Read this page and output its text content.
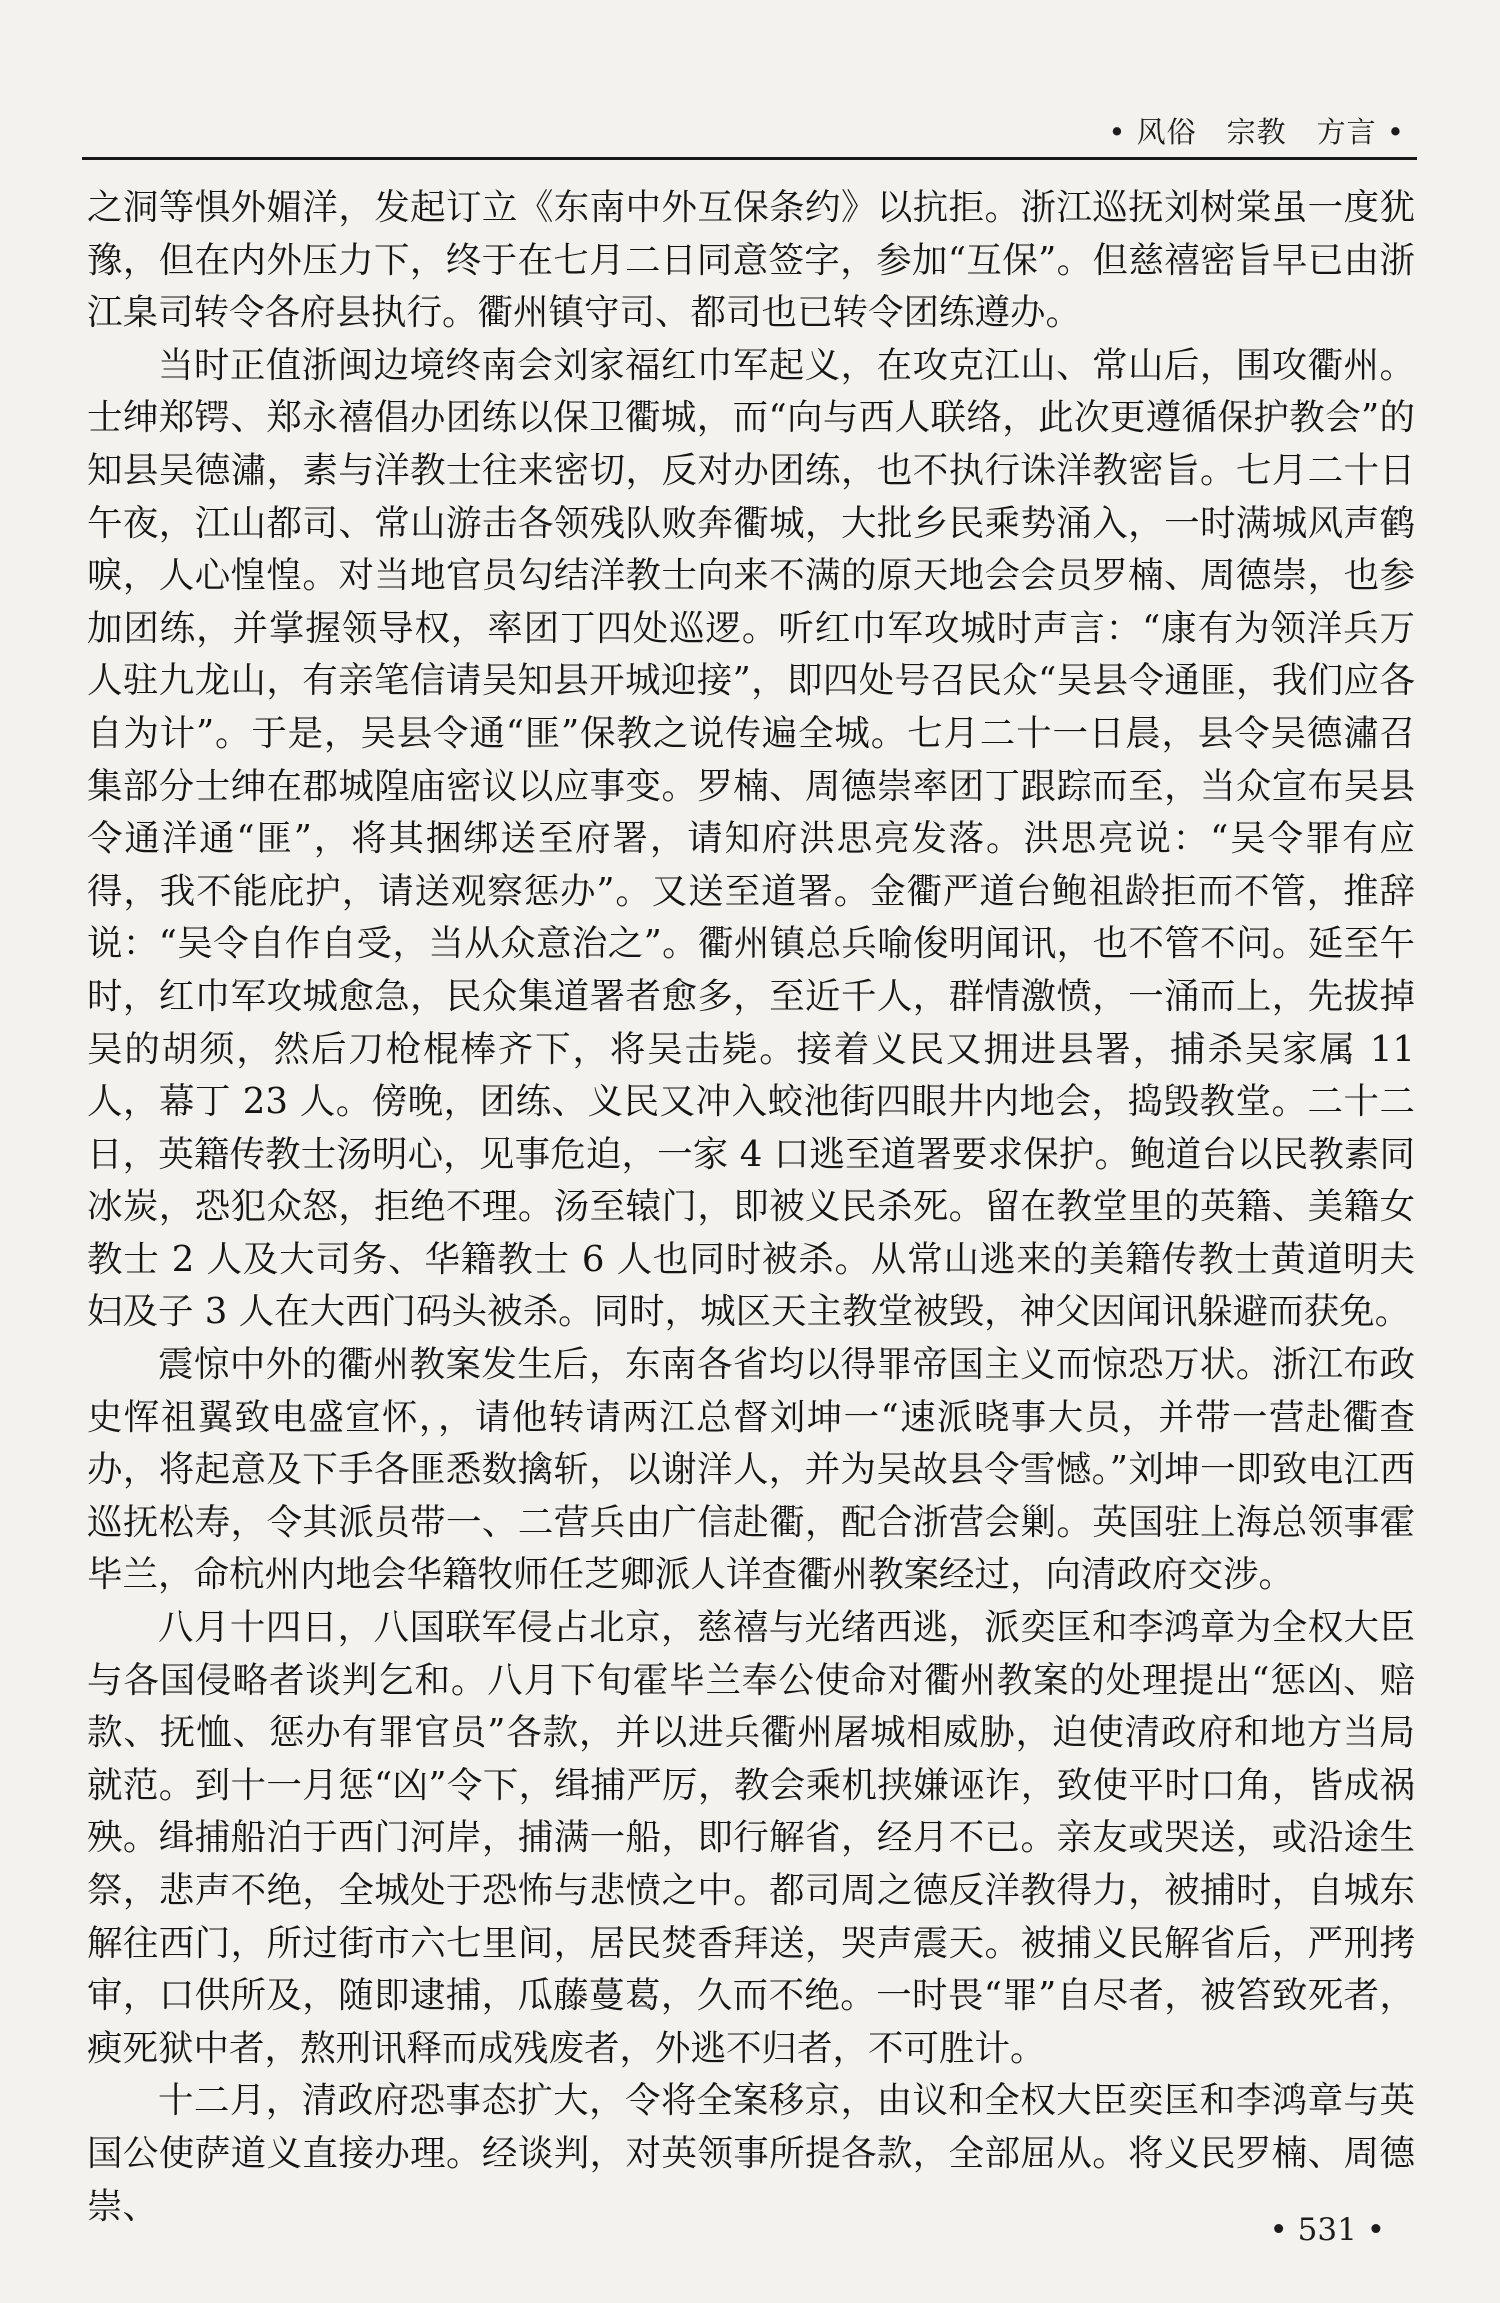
• 风俗　宗教　方言 •

之洞等惧外媚洋，发起订立《东南中外互保条约》以抗拒。浙江巡抚刘树棠虽一度犹豫，但在内外压力下，终于在七月二日同意签字，参加“互保”。但慈禧密旨早已由浙江臬司转令各府县执行。衢州镇守司、都司也已转令团练遵办。

当时正值浙闽边境终南会刘家福红巾军起义，在攻克江山、常山后，围攻衢州。士绅郑锷、郑永禧倡办团练以保卫衢城，而“向与西人联络，此次更遵循保护教会”的知县吴德潚，素与洋教士往来密切，反对办团练，也不执行诛洋教密旨。七月二十日午夜，江山都司、常山游击各领残队败奔衢城，大批乡民乘势涌入，一时满城风声鹤唳，人心惶惶。对当地官员勾结洋教士向来不满的原天地会会员罗楠、周德崇，也参加团练，并掌握领导权，率团丁四处巡逻。听红巾军攻城时声言：“康有为领洋兵万人驻九龙山，有亲笔信请吴知县开城迎接”，即四处号召民众“吴县令通匪，我们应各自为计”。于是，吴县令通“匪”保教之说传遍全城。七月二十一日晨，县令吴德潚召集部分士绅在郡城隍庙密议以应事变。罗楠、周德崇率团丁跟踪而至，当众宣布吴县令通洋通“匪”，将其捆绑送至府署，请知府洪思亮发落。洪思亮说：“吴令罪有应得，我不能庇护，请送观察惩办”。又送至道署。金衢严道台鲍祖龄拒而不管，推辞说：“吴令自作自受，当从众意治之”。衢州镇总兵喻俊明闻讯，也不管不问。延至午时，红巾军攻城愈急，民众集道署者愈多，至近千人，群情激愤，一涌而上，先拔掉吴的胡须，然后刀枪棍棒齐下，将吴击毙。接着义民又拥进县署，捕杀吴家属 11 人，幕丁 23 人。傍晚，团练、义民又冲入蛟池街四眼井内地会，捣毁教堂。二十二日，英籍传教士汤明心，见事危迫，一家 4 口逃至道署要求保护。鲍道台以民教素同冰炭，恐犯众怒，拒绝不理。汤至辕门，即被义民杀死。留在教堂里的英籍、美籍女教士 2 人及大司务、华籍教士 6 人也同时被杀。从常山逃来的美籍传教士黄道明夫妇及子 3 人在大西门码头被杀。同时，城区天主教堂被毁，神父因闻讯躲避而获免。

震惊中外的衢州教案发生后，东南各省均以得罪帝国主义而惊恐万状。浙江布政史恽祖翼致电盛宣怀，，请他转请两江总督刘坤一“速派晓事大员，并带一营赴衢查办，将起意及下手各匪悉数擒斩，以谢洋人，并为吴故县令雪憾。”刘坤一即致电江西巡抚松寿，令其派员带一、二营兵由广信赴衢，配合浙营会剿。英国驻上海总领事霍毕兰，命杭州内地会华籍牧师任芝卿派人详查衢州教案经过，向清政府交涉。

八月十四日，八国联军侵占北京，慈禧与光绪西逃，派奕匡和李鸿章为全权大臣与各国侵略者谈判乞和。八月下旬霍毕兰奉公使命对衢州教案的处理提出“惩凶、赔款、抚恤、惩办有罪官员”各款，并以进兵衢州屠城相威胁，迫使清政府和地方当局就范。到十一月惩“凶”令下，缉捕严厉，教会乘机挟嫌诬诈，致使平时口角，皆成祸殃。缉捕船泊于西门河岸，捕满一船，即行解省，经月不已。亲友或哭送，或沿途生祭，悲声不绝，全城处于恐怖与悲愤之中。都司周之德反洋教得力，被捕时，自城东解往西门，所过街市六七里间，居民焚香拜送，哭声震天。被捕义民解省后，严刑拷审，口供所及，随即逮捕，瓜藤蔓葛，久而不绝。一时畏“罪”自尽者，被笞致死者，瘐死狱中者，熬刑讯释而成残废者，外逃不归者，不可胜计。

十二月，清政府恐事态扩大，令将全案移京，由议和全权大臣奕匡和李鸿章与英国公使萨道义直接办理。经谈判，对英领事所提各款，全部屈从。将义民罗楠、周德崇、

• 531 •
